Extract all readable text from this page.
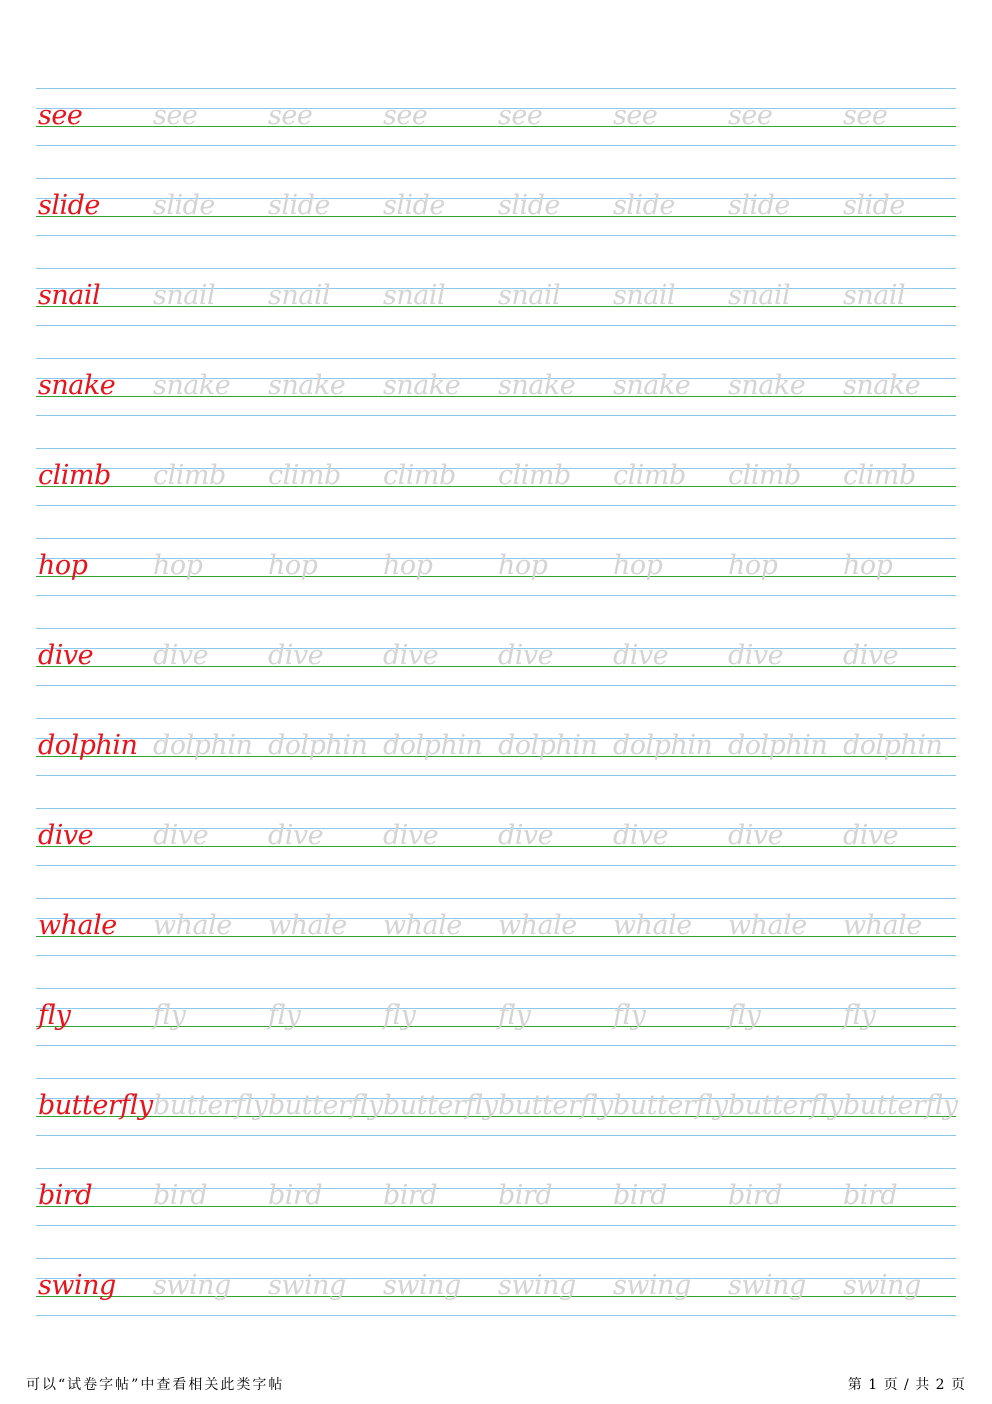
see	see	see	see	see	see	see	see
slide slide slide slide slide slide slide slide
snail snail snail snail snail snail snail snail
snake snake snake snake snake snake snake snake
climb climb climb climb climb climb climb climb
hop hop hop hop hop hop hop hop
dive dive dive dive dive dive dive dive
dolphin dolphin dolphin dolphin dolphin dolphin dolphin dolphin
dive dive dive dive dive dive dive dive
whale whale whale whale whale whale whale whale
fly	fly	fly	fly	fly	fly	fly	fly
butterfly butterfly butterfly butterfly butterfly butterfly butterfly butterfly
bird bird bird bird bird bird bird bird
swing swing swing swing swing swing swing swing
可以“试卷字帖”中查看相关此类字帖	第 1 页 / 共 2 页
